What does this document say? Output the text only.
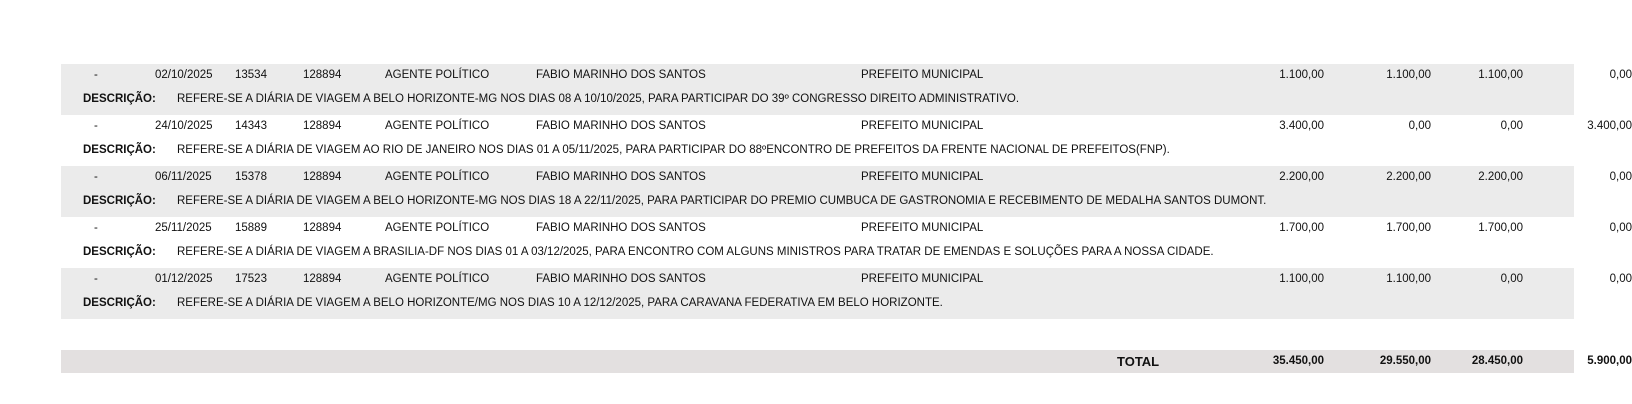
-	02/10/2025 13534	128894	AGENTE POLÍTICO	FABIO MARINHO DOS SANTOS	PREFEITO MUNICIPAL	1.100,00	1.100,00	1.100,00	0,00
DESCRIÇÃO: REFERE-SE A DIÁRIA DE VIAGEM A BELO HORIZONTE-MG NOS DIAS 08 A 10/10/2025, PARA PARTICIPAR DO 39º CONGRESSO DIREITO ADMINISTRATIVO.
-	24/10/2025 14343	128894	AGENTE POLÍTICO	FABIO MARINHO DOS SANTOS	PREFEITO MUNICIPAL	3.400,00	0,00	0,00	3.400,00
DESCRIÇÃO: REFERE-SE A DIÁRIA DE VIAGEM AO RIO DE JANEIRO NOS DIAS 01 A 05/11/2025, PARA PARTICIPAR DO 88ºENCONTRO DE PREFEITOS DA FRENTE NACIONAL DE PREFEITOS(FNP).
-	06/11/2025 15378	128894	AGENTE POLÍTICO	FABIO MARINHO DOS SANTOS	PREFEITO MUNICIPAL	2.200,00	2.200,00	2.200,00	0,00
DESCRIÇÃO: REFERE-SE A DIÁRIA DE VIAGEM A BELO HORIZONTE-MG NOS DIAS 18 A 22/11/2025, PARA PARTICIPAR DO PREMIO CUMBUCA DE GASTRONOMIA E RECEBIMENTO DE MEDALHA SANTOS DUMONT.
-	25/11/2025 15889	128894	AGENTE POLÍTICO	FABIO MARINHO DOS SANTOS	PREFEITO MUNICIPAL	1.700,00	1.700,00	1.700,00	0,00
DESCRIÇÃO: REFERE-SE A DIÁRIA DE VIAGEM A BRASILIA-DF NOS DIAS 01 A 03/12/2025, PARA ENCONTRO COM ALGUNS MINISTROS PARA TRATAR DE EMENDAS E SOLUÇÕES PARA A NOSSA CIDADE.
-	01/12/2025 17523	128894	AGENTE POLÍTICO	FABIO MARINHO DOS SANTOS	PREFEITO MUNICIPAL	1.100,00	1.100,00	0,00	0,00
DESCRIÇÃO: REFERE-SE A DIÁRIA DE VIAGEM A BELO HORIZONTE/MG NOS DIAS 10 A 12/12/2025, PARA CARAVANA FEDERATIVA EM BELO HORIZONTE.
TOTAL	35.450,00	29.550,00	28.450,00	5.900,00
